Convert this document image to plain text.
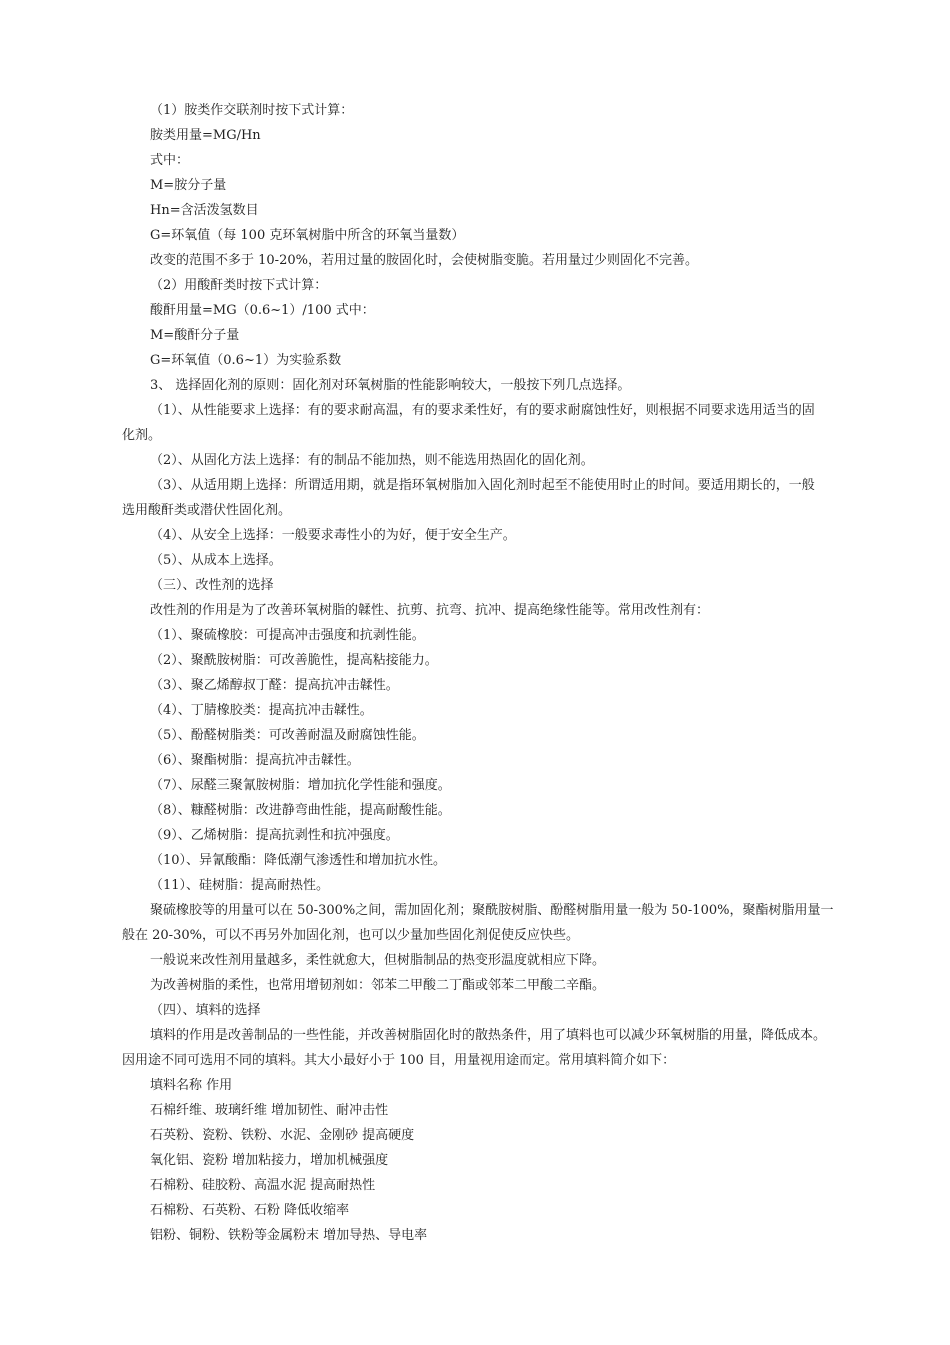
（1）胺类作交联剂时按下式计算：
胺类用量=MG/Hn
式中：
M=胺分子量
Hn=含活泼氢数目
G=环氧值（每 100 克环氧树脂中所含的环氧当量数）
改变的范围不多于 10-20%，若用过量的胺固化时，会使树脂变脆。若用量过少则固化不完善。
（2）用酸酐类时按下式计算：
酸酐用量=MG（0.6~1）/100 式中：
M=酸酐分子量
G=环氧值（0.6~1）为实验系数
3、 选择固化剂的原则：固化剂对环氧树脂的性能影响较大，一般按下列几点选择。
（1）、从性能要求上选择：有的要求耐高温，有的要求柔性好，有的要求耐腐蚀性好，则根据不同要求选用适当的固
化剂。
（2）、从固化方法上选择：有的制品不能加热，则不能选用热固化的固化剂。
（3）、从适用期上选择：所谓适用期，就是指环氧树脂加入固化剂时起至不能使用时止的时间。要适用期长的，一般
选用酸酐类或潜伏性固化剂。
（4）、从安全上选择：一般要求毒性小的为好，便于安全生产。
（5）、从成本上选择。
（三）、改性剂的选择
改性剂的作用是为了改善环氧树脂的韖性、抗剪、抗弯、抗冲、提高绝缘性能等。常用改性剂有：
（1）、聚硫橡胶：可提高冲击强度和抗剥性能。
（2）、聚酰胺树脂：可改善脆性，提高粘接能力。
（3）、聚乙烯醇叔丁醛：提高抗冲击韖性。
（4）、丁腈橡胶类：提高抗冲击韖性。
（5）、酚醛树脂类：可改善耐温及耐腐蚀性能。
（6）、聚酯树脂：提高抗冲击韖性。
（7）、尿醛三聚氰胺树脂：增加抗化学性能和强度。
（8）、糠醛树脂：改进静弯曲性能，提高耐酸性能。
（9）、乙烯树脂：提高抗剥性和抗冲强度。
（10）、异氰酸酯：降低潮气渗透性和增加抗水性。
（11）、硅树脂：提高耐热性。
聚硫橡胶等的用量可以在 50-300%之间，需加固化剂；聚酰胺树脂、酚醛树脂用量一般为 50-100%，聚酯树脂用量一
般在 20-30%，可以不再另外加固化剂，也可以少量加些固化剂促使反应快些。
一般说来改性剂用量越多，柔性就愈大，但树脂制品的热变形温度就相应下降。
为改善树脂的柔性，也常用增韧剂如：邻苯二甲酸二丁酯或邻苯二甲酸二辛酯。
（四）、填料的选择
填料的作用是改善制品的一些性能，并改善树脂固化时的散热条件，用了填料也可以减少环氧树脂的用量，降低成本。
因用途不同可选用不同的填料。其大小最好小于 100 目，用量视用途而定。常用填料简介如下：
填料名称 作用
石棉纤维、玻璃纤维 增加韧性、耐冲击性
石英粉、瓷粉、铁粉、水泥、金刚砂 提高硬度
氧化铝、瓷粉 增加粘接力，增加机械强度
石棉粉、硅胶粉、高温水泥 提高耐热性
石棉粉、石英粉、石粉 降低收缩率
铝粉、铜粉、铁粉等金属粉末 增加导热、导电率
